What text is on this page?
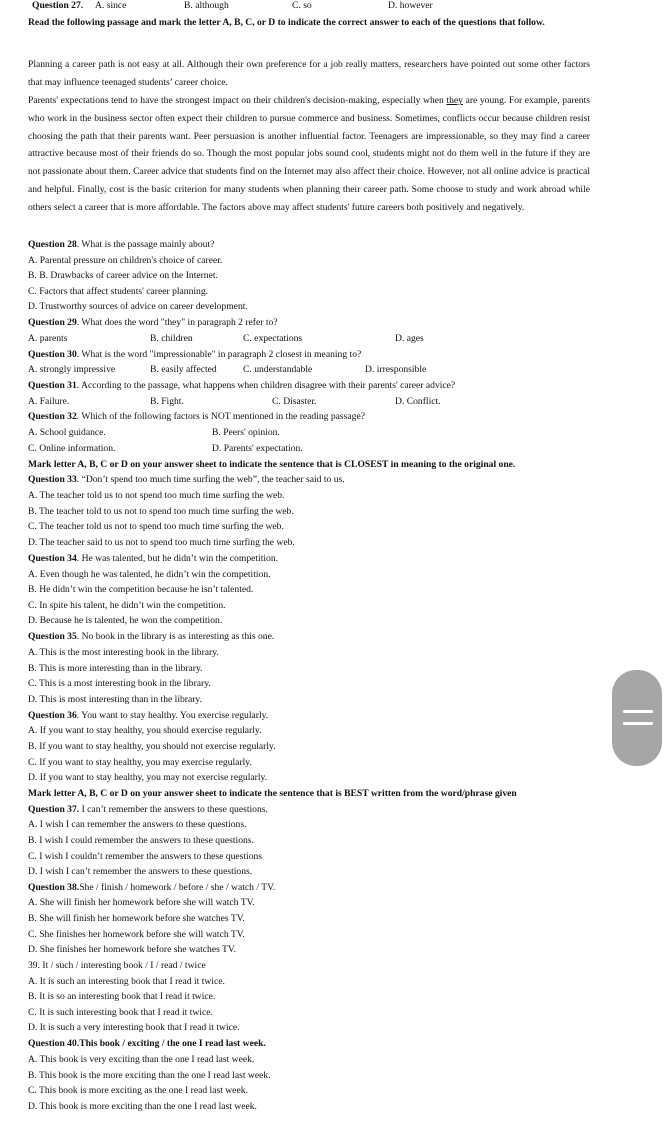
Question 27. A. since	B. although	C. so	D. however
Read the following passage and mark the letter A, B, C, or D to indicate the correct answer to each of the questions that follow.
Planning a career path is not easy at all. Although their own preference for a job really matters, researchers have pointed out some other factors that may influence teenaged students’ career choice.
Parents' expectations tend to have the strongest impact on their children's decision-making, especially when they are young. For example, parents who work in the business sector often expect their children to pursue commerce and business. Sometimes, conflicts occur because children resist choosing the path that their parents want. Peer persuasion is another influential factor. Teenagers are impressionable, so they may find a career attractive because most of their friends do so. Though the most popular jobs sound cool, students might not do them well in the future if they are not passionate about them. Career advice that students find on the Internet may also affect their choice. However, not all online advice is practical and helpful. Finally, cost is the basic criterion for many students when planning their career path. Some choose to study and work abroad while others select a career that is more affordable. The factors above may affect students' future careers both positively and negatively.
Question 28. What is the passage mainly about?
A. Parental pressure on children's choice of career.
B. B. Drawbacks of career advice on the Internet.
C. Factors that affect students' career planning.
D. Trustworthy sources of advice on career development.
Question 29. What does the word "they" in paragraph 2 refer to?
A. parents	B. children	C. expectations	D. ages
Question 30. What is the word "impressionable" in paragraph 2 closest in meaning to?
A. strongly impressive	B. easily affected	C. understandable	D. irresponsible
Question 31. According to the passage, what happens when children disagree with their parents' career advice?
A. Failure.	B. Fight.	C. Disaster.	D. Conflict.
Question 32. Which of the following factors is NOT mentioned in the reading passage?
A. School guidance.	B. Peers' opinion.
C. Online information.	D. Parents' expectation.
Mark letter A, B, C or D on your answer sheet to indicate the sentence that is CLOSEST in meaning to the original one.
Question 33. “Don’t spend too much time surfing the web”, the teacher said to us.
A. The teacher told us to not spend too much time surfing the web.
B. The teacher told to us not to spend too much time surfing the web.
C. The teacher told us not to spend too much time surfing the web.
D. The teacher said to us not to spend too much time surfing the web.
Question 34. He was talented, but he didn’t win the competition.
A. Even though he was talented, he didn’t win the competition.
B. He didn’t win the competition because he isn’t talented.
C. In spite his talent, he didn’t win the competition.
D. Because he is talented, he won the competition.
Question 35. No book in the library is as interesting as this one.
A. This is the most interesting book in the library.
B. This is more interesting than in the library.
C. This is a most interesting book in the library.
D. This is most interesting than in the library.
Question 36. You want to stay healthy. You exercise regularly.
A. If you want to stay healthy, you should exercise regularly.
B. If you want to stay healthy, you should not exercise regularly.
C. If you want to stay healthy, you may exercise regularly.
D. If you want to stay healthy, you may not exercise regularly.
Mark letter A, B, C or D on your answer sheet to indicate the sentence that is BEST written from the word/phrase given
Question 37. I can’t remember the answers to these questions.
A. I wish I can remember the answers to these questions.
B. I wish I could remember the answers to these questions.
C. I wish I couldn’t remember the answers to these questions
D. I wish I can’t remember the answers to these questions.
Question 38.She / finish / homework / before / she / watch / TV.
A. She will finish her homework before she will watch TV.
B. She will finish her homework before she watches TV.
C. She finishes her homework before she will watch TV.
D. She finishes her homework before she watches TV.
39. It / such / interesting book / I / read / twice
A. It is such an interesting book that I read it twice.
B. It is so an interesting book that I read it twice.
C. It is such interesting book that I read it twice.
D. It is such a very interesting book that I read it twice.
Question 40.This book / exciting / the one I read last week.
A. This book is very exciting than the one I read last week.
B. This book is the more exciting than the one I read last week.
C. This book is more exciting as the one I read last week.
D. This book is more exciting than the one I read last week.
